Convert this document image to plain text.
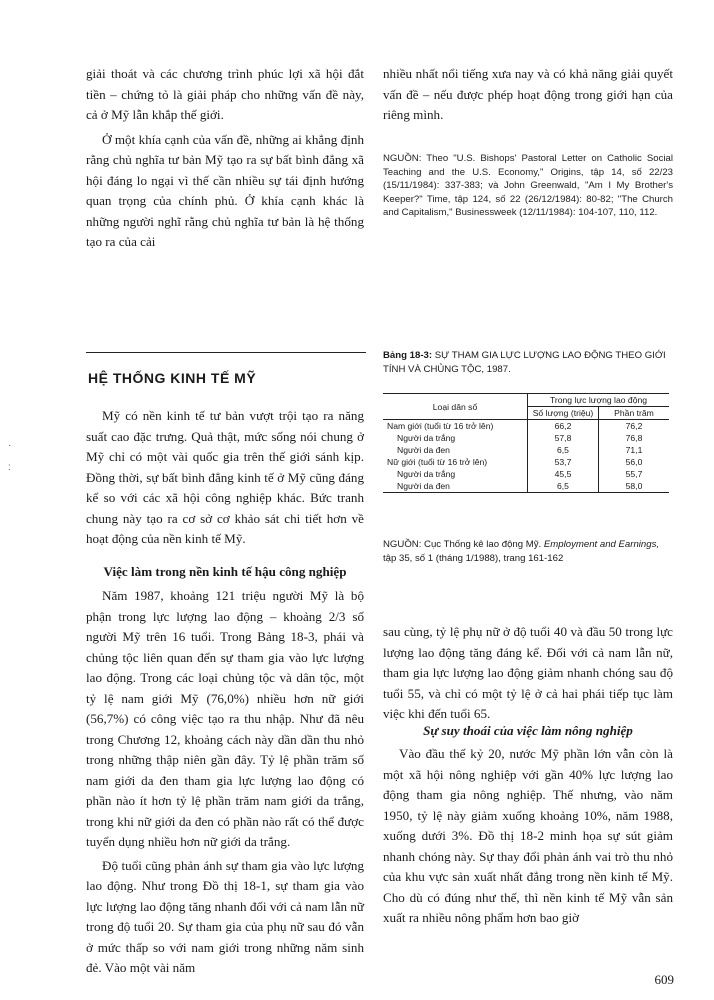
giải thoát và các chương trình phúc lợi xã hội đắt tiền – chứng tỏ là giải pháp cho những vấn đề này, cả ở Mỹ lẫn khắp thế giới.

Ở một khía cạnh của vấn đề, những ai khẳng định rằng chủ nghĩa tư bản Mỹ tạo ra sự bất bình đẳng xã hội đáng lo ngại vì thế cần nhiều sự tái định hướng quan trọng của chính phủ. Ở khía cạnh khác là những người nghĩ rằng chủ nghĩa tư bản là hệ thống tạo ra của cải

nhiều nhất nổi tiếng xưa nay và có khả năng giải quyết vấn đề – nếu được phép hoạt động trong giới hạn của riêng mình.

NGUỒN: Theo "U.S. Bishops' Pastoral Letter on Catholic Social Teaching and the U.S. Economy," Origins, tập 14, số 22/23 (15/11/1984): 337-383; và John Greenwald, "Am I My Brother's Keeper?" Time, tập 124, số 22 (26/12/1984): 80-82; "The Church and Capitalism," Businessweek (12/11/1984): 104-107, 110, 112.

HỆ THỐNG KINH TẾ MỸ

Mỹ có nền kinh tế tư bản vượt trội tạo ra năng suất cao đặc trưng. Quả thật, mức sống nói chung ở Mỹ chỉ có một vài quốc gia trên thế giới sánh kịp. Đồng thời, sự bất bình đẳng kinh tế ở Mỹ cũng đáng kể so với các xã hội công nghiệp khác. Bức tranh chung này tạo ra cơ sở cơ khảo sát chi tiết hơn về hoạt động của nền kinh tế Mỹ.

Việc làm trong nền kinh tế hậu công nghiệp

Năm 1987, khoảng 121 triệu người Mỹ là bộ phận trong lực lượng lao động – khoảng 2/3 số người Mỹ trên 16 tuổi. Trong Bảng 18-3, phái và chủng tộc liên quan đến sự tham gia vào lực lượng lao động. Trong các loại chủng tộc và dân tộc, một tỷ lệ nam giới Mỹ (76,0%) nhiều hơn nữ giới (56,7%) có công việc tạo ra thu nhập. Như đã nêu trong Chương 12, khoảng cách này dần dần thu nhỏ trong những thập niên gần đây. Tỷ lệ phần trăm số nam giới da đen tham gia lực lượng lao động có phần nào ít hơn tỷ lệ phần trăm nam giới da trắng, trong khi nữ giới da đen có phần nào rất có thể được tuyển dụng nhiều hơn nữ giới da trắng.

Độ tuổi cũng phản ánh sự tham gia vào lực lượng lao động. Như trong Đồ thị 18-1, sự tham gia vào lực lượng lao động tăng nhanh đối với cả nam lẫn nữ trong độ tuổi 20. Sự tham gia của phụ nữ sau đó vẫn ở mức thấp so với nam giới trong những năm sinh đẻ. Vào một vài năm

Bảng 18-3: SỰ THAM GIA LỰC LƯỢNG LAO ĐỘNG THEO GIỚI TÍNH VÀ CHỦNG TỘC, 1987.

Loại dân số	Trong lực lượng lao động	
	Số lượng (triệu)	Phần trăm
Nam giới (tuổi từ 16 trở lên)	66,2	76,2
Người da trắng	57,8	76,8
Người da đen	6,5	71,1
Nữ giới (tuổi từ 16 trở lên)	53,7	56,0
Người da trắng	45,5	55,7
Người da đen	6,5	58,0

NGUỒN: Cục Thống kê lao động Mỹ. Employment and Earnings, tập 35, số 1 (tháng 1/1988), trang 161-162

sau cùng, tỷ lệ phụ nữ ở độ tuổi 40 và đầu 50 trong lực lượng lao động tăng đáng kể. Đối với cả nam lẫn nữ, tham gia lực lượng lao động giảm nhanh chóng sau độ tuổi 55, và chỉ có một tỷ lệ ở cả hai phái tiếp tục làm việc khi đến tuổi 65.

Sự suy thoái của việc làm nông nghiệp

Vào đầu thế kỷ 20, nước Mỹ phần lớn vẫn còn là một xã hội nông nghiệp với gần 40% lực lượng lao động tham gia nông nghiệp. Thế nhưng, vào năm 1950, tỷ lệ này giảm xuống khoảng 10%, năm 1988, xuống dưới 3%. Đồ thị 18-2 minh họa sự sút giảm nhanh chóng này. Sự thay đổi phản ánh vai trò thu nhỏ của khu vực sản xuất nhất đẳng trong nền kinh tế Mỹ. Cho dù có đúng như thế, thì nền kinh tế Mỹ vẫn sản xuất ra nhiều nông phẩm hơn bao giờ

609

·

:
